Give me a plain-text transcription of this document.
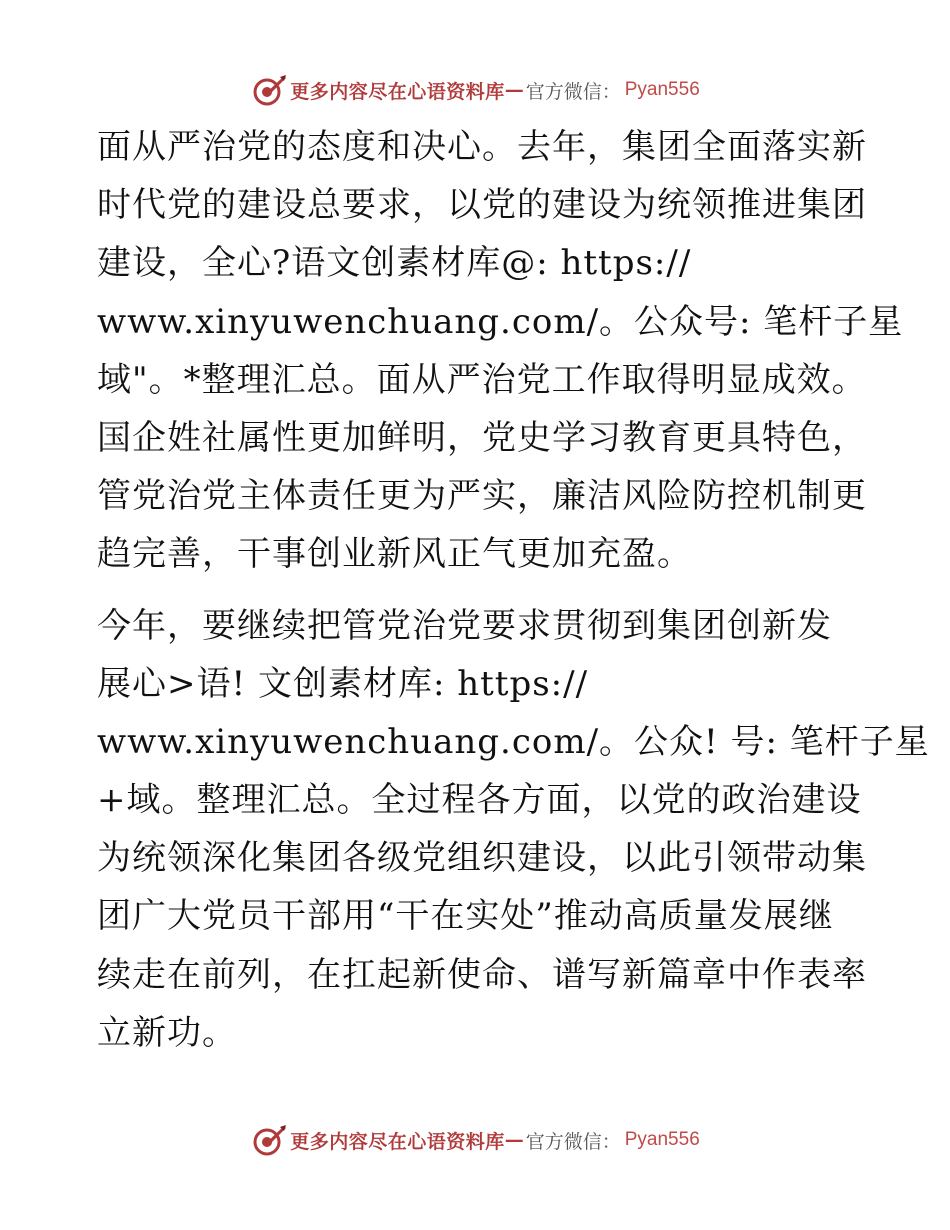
更多内容尽在心语资料库 — 官方微信： Pyan556

面从严治党的态度和决心。去年，集团全面落实新
时代党的建设总要求，以党的建设为统领推进集团
建设，全心?语文创素材库@: https://
www.xinyuwenchuang.com/。公众号: 笔杆子星
域"。*整理汇总。面从严治党工作取得明显成效。
国企姓社属性更加鲜明，党史学习教育更具特色，
管党治党主体责任更为严实，廉洁风险防控机制更
趋完善，干事创业新风正气更加充盈。

今年，要继续把管党治党要求贯彻到集团创新发
展心>语! 文创素材库: https://
www.xinyuwenchuang.com/。公众! 号: 笔杆子星
+域。整理汇总。全过程各方面，以党的政治建设
为统领深化集团各级党组织建设，以此引领带动集
团广大党员干部用“干在实处”推动高质量发展继
续走在前列，在扛起新使命、谱写新篇章中作表率
立新功。

更多内容尽在心语资料库 — 官方微信： Pyan556
